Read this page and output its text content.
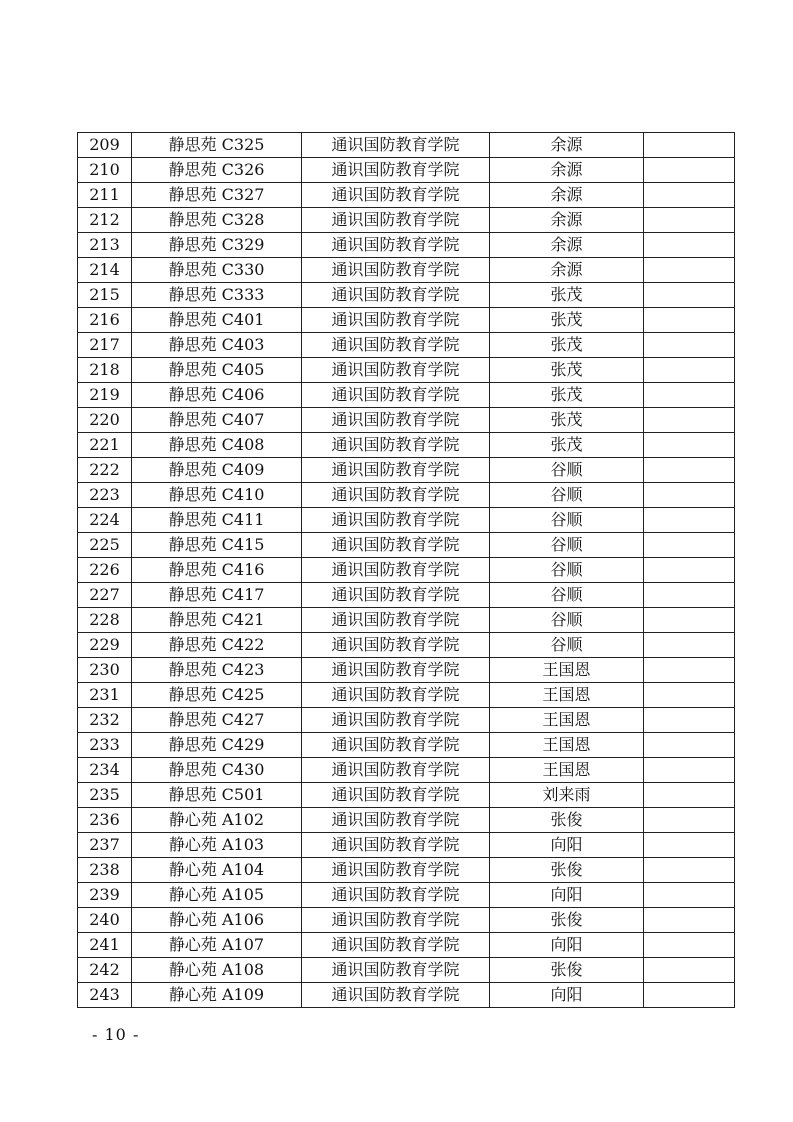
209	静思苑 C325	通识国防教育学院	余源	
210	静思苑 C326	通识国防教育学院	余源	
211	静思苑 C327	通识国防教育学院	余源	
212	静思苑 C328	通识国防教育学院	余源	
213	静思苑 C329	通识国防教育学院	余源	
214	静思苑 C330	通识国防教育学院	余源	
215	静思苑 C333	通识国防教育学院	张茂	
216	静思苑 C401	通识国防教育学院	张茂	
217	静思苑 C403	通识国防教育学院	张茂	
218	静思苑 C405	通识国防教育学院	张茂	
219	静思苑 C406	通识国防教育学院	张茂	
220	静思苑 C407	通识国防教育学院	张茂	
221	静思苑 C408	通识国防教育学院	张茂	
222	静思苑 C409	通识国防教育学院	谷顺	
223	静思苑 C410	通识国防教育学院	谷顺	
224	静思苑 C411	通识国防教育学院	谷顺	
225	静思苑 C415	通识国防教育学院	谷顺	
226	静思苑 C416	通识国防教育学院	谷顺	
227	静思苑 C417	通识国防教育学院	谷顺	
228	静思苑 C421	通识国防教育学院	谷顺	
229	静思苑 C422	通识国防教育学院	谷顺	
230	静思苑 C423	通识国防教育学院	王国恩	
231	静思苑 C425	通识国防教育学院	王国恩	
232	静思苑 C427	通识国防教育学院	王国恩	
233	静思苑 C429	通识国防教育学院	王国恩	
234	静思苑 C430	通识国防教育学院	王国恩	
235	静思苑 C501	通识国防教育学院	刘来雨	
236	静心苑 A102	通识国防教育学院	张俊	
237	静心苑 A103	通识国防教育学院	向阳	
238	静心苑 A104	通识国防教育学院	张俊	
239	静心苑 A105	通识国防教育学院	向阳	
240	静心苑 A106	通识国防教育学院	张俊	
241	静心苑 A107	通识国防教育学院	向阳	
242	静心苑 A108	通识国防教育学院	张俊	
243	静心苑 A109	通识国防教育学院	向阳	
- 10 -
